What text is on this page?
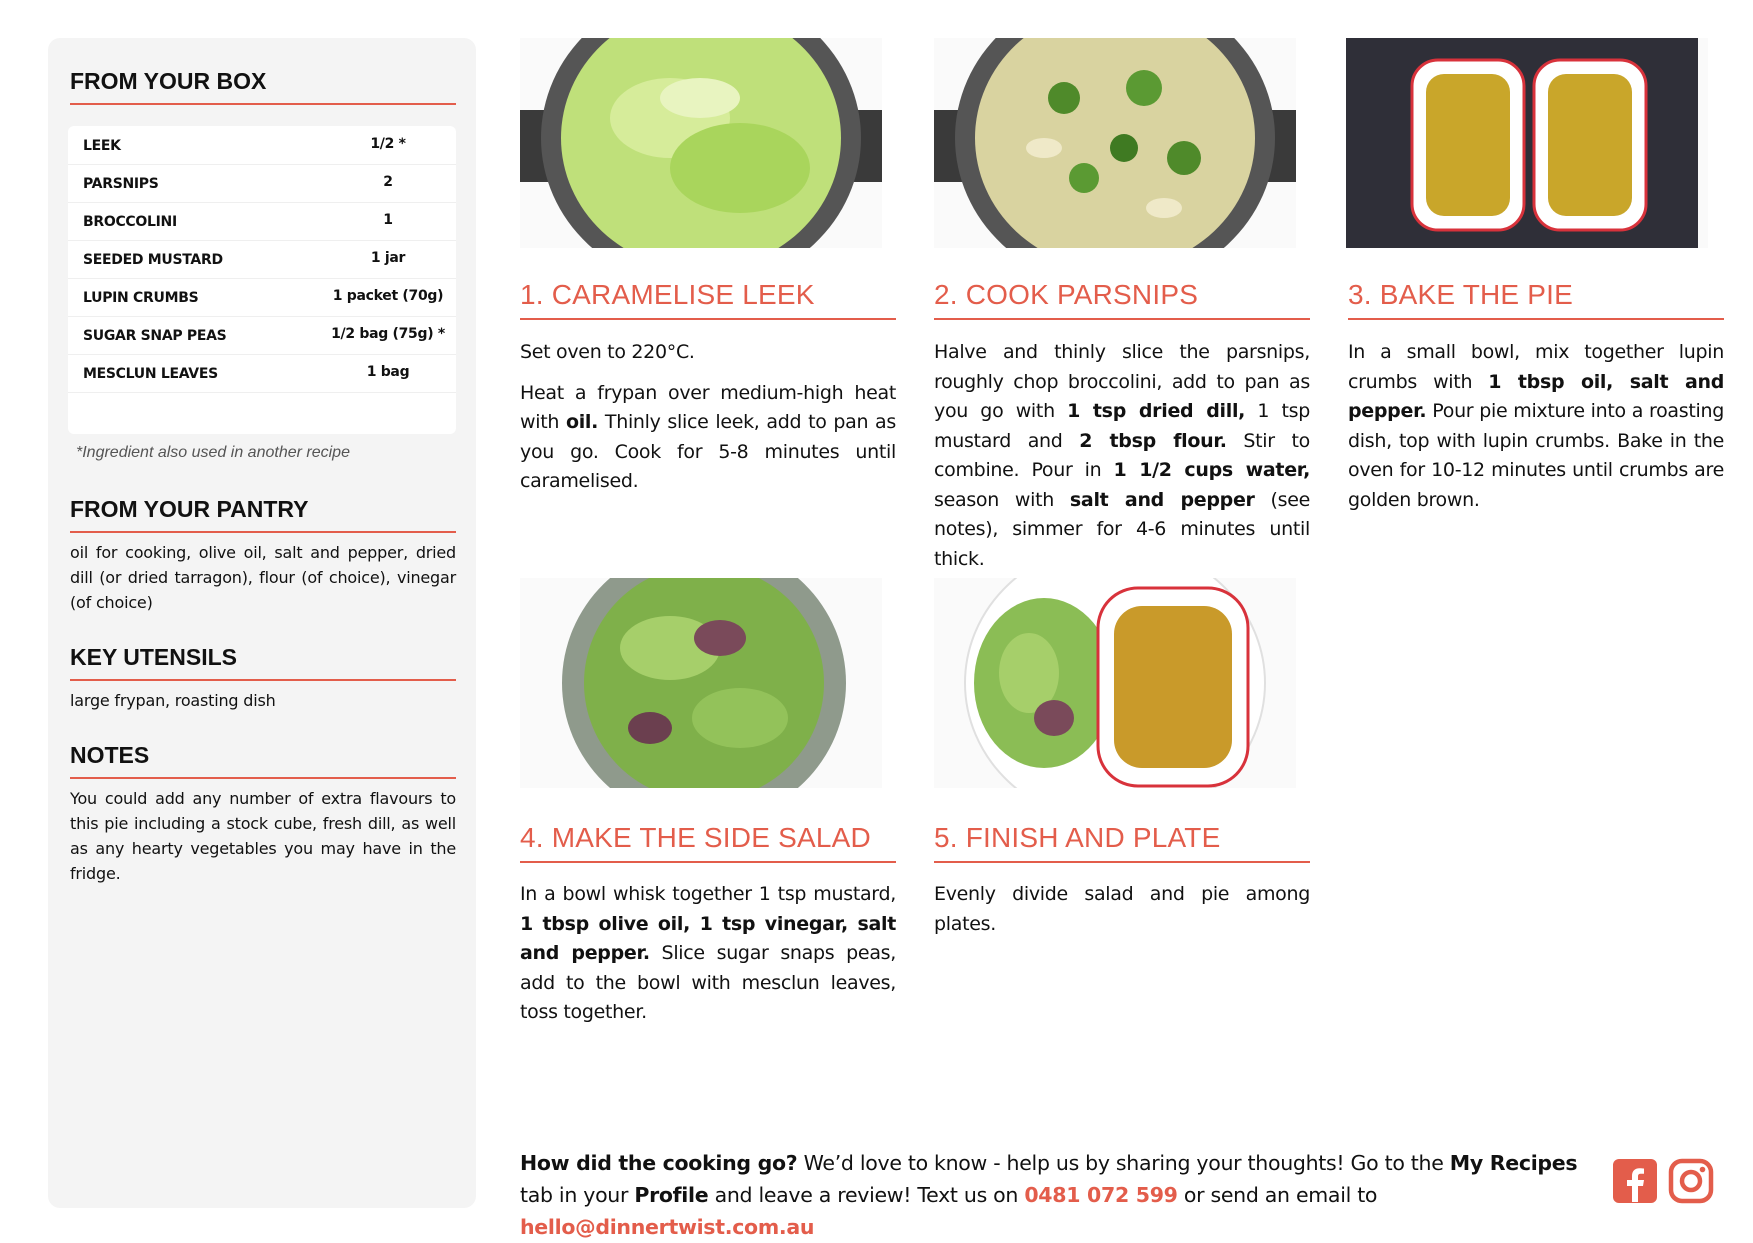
FROM YOUR BOX
LEEK	1/2 *
PARSNIPS	2
BROCCOLINI	1
SEEDED MUSTARD	1 jar
LUPIN CRUMBS	1 packet (70g)
SUGAR SNAP PEAS	1/2 bag (75g) *
MESCLUN LEAVES	1 bag
*Ingredient also used in another recipe
FROM YOUR PANTRY
oil for cooking, olive oil, salt and pepper, dried dill (or dried tarragon), flour (of choice), vinegar (of choice)
KEY UTENSILS
large frypan, roasting dish
NOTES
You could add any number of extra flavours to this pie including a stock cube, fresh dill, as well as any hearty vegetables you may have in the fridge.
1. CARAMELISE LEEK

Set oven to 220°C.

Heat a frypan over medium-high heat with oil. Thinly slice leek, add to pan as you go. Cook for 5-8 minutes until caramelised.

2. COOK PARSNIPS

Halve and thinly slice the parsnips, roughly chop broccolini, add to pan as you go with 1 tsp dried dill, 1 tsp mustard and 2 tbsp flour. Stir to combine. Pour in 1 1/2 cups water, season with salt and pepper (see notes), simmer for 4-6 minutes until thick.

3. BAKE THE PIE

In a small bowl, mix together lupin crumbs with 1 tbsp oil, salt and pepper. Pour pie mixture into a roasting dish, top with lupin crumbs. Bake in the oven for 10-12 minutes until crumbs are golden brown.

4. MAKE THE SIDE SALAD

In a bowl whisk together 1 tsp mustard, 1 tbsp olive oil, 1 tsp vinegar, salt and pepper. Slice sugar snaps peas, add to the bowl with mesclun leaves, toss together.

5. FINISH AND PLATE

Evenly divide salad and pie among plates.

How did the cooking go? We’d love to know - help us by sharing your thoughts! Go to the My Recipes tab in your Profile and leave a review! Text us on 0481 072 599 or send an email to hello@dinnertwist.com.au
